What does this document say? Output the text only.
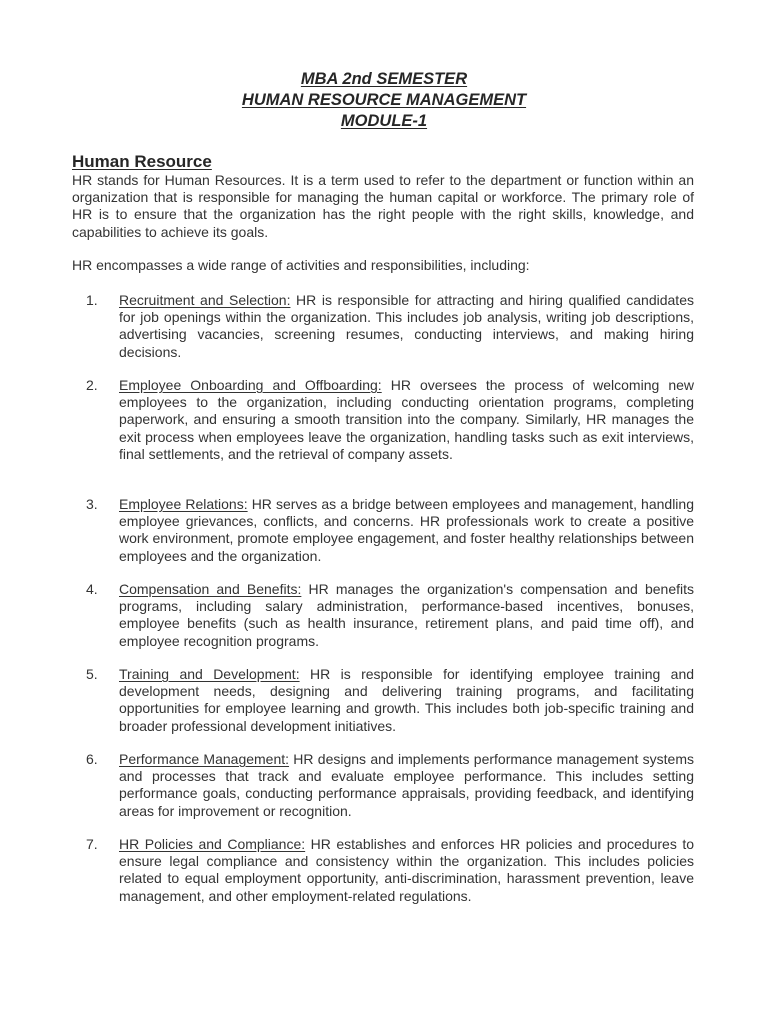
MBA 2nd SEMESTER
HUMAN RESOURCE MANAGEMENT
MODULE-1
Human Resource
HR stands for Human Resources. It is a term used to refer to the department or function within an organization that is responsible for managing the human capital or workforce. The primary role of HR is to ensure that the organization has the right people with the right skills, knowledge, and capabilities to achieve its goals.
HR encompasses a wide range of activities and responsibilities, including:
1. Recruitment and Selection: HR is responsible for attracting and hiring qualified candidates for job openings within the organization. This includes job analysis, writing job descriptions, advertising vacancies, screening resumes, conducting interviews, and making hiring decisions.
2. Employee Onboarding and Offboarding: HR oversees the process of welcoming new employees to the organization, including conducting orientation programs, completing paperwork, and ensuring a smooth transition into the company. Similarly, HR manages the exit process when employees leave the organization, handling tasks such as exit interviews, final settlements, and the retrieval of company assets.
3. Employee Relations: HR serves as a bridge between employees and management, handling employee grievances, conflicts, and concerns. HR professionals work to create a positive work environment, promote employee engagement, and foster healthy relationships between employees and the organization.
4. Compensation and Benefits: HR manages the organization's compensation and benefits programs, including salary administration, performance-based incentives, bonuses, employee benefits (such as health insurance, retirement plans, and paid time off), and employee recognition programs.
5. Training and Development: HR is responsible for identifying employee training and development needs, designing and delivering training programs, and facilitating opportunities for employee learning and growth. This includes both job-specific training and broader professional development initiatives.
6. Performance Management: HR designs and implements performance management systems and processes that track and evaluate employee performance. This includes setting performance goals, conducting performance appraisals, providing feedback, and identifying areas for improvement or recognition.
7. HR Policies and Compliance: HR establishes and enforces HR policies and procedures to ensure legal compliance and consistency within the organization. This includes policies related to equal employment opportunity, anti-discrimination, harassment prevention, leave management, and other employment-related regulations.
